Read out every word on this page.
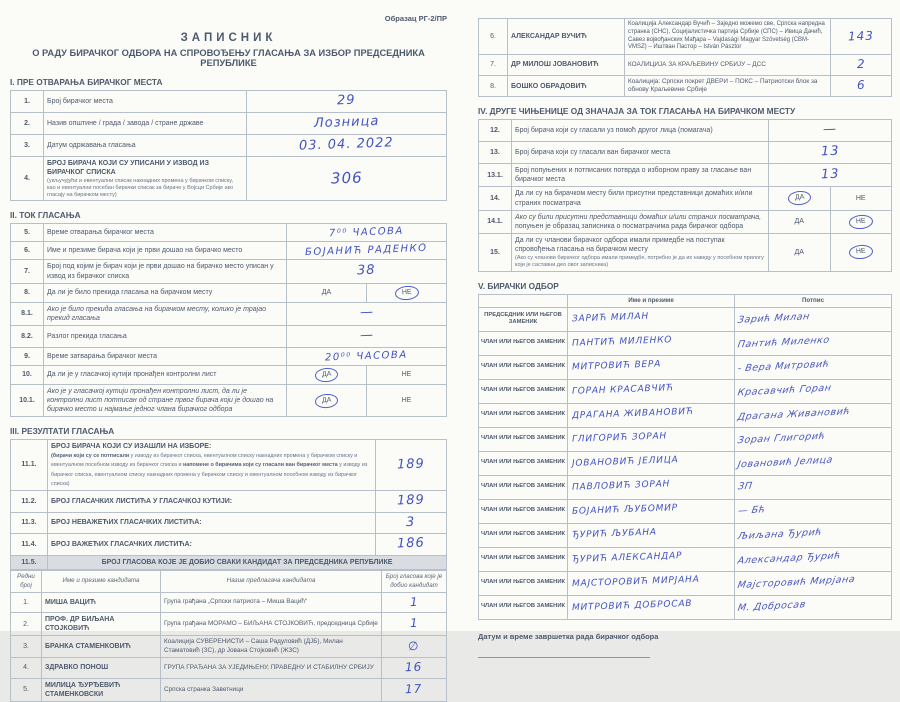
Образац РГ-2/ПР
ЗАПИСНИК
О РАДУ БИРАЧКОГ ОДБОРА НА СПРОВОЂЕЊУ ГЛАСАЊА ЗА ИЗБОР ПРЕДСЕДНИКА РЕПУБЛИКЕ
I. ПРЕ ОТВАРАЊА БИРАЧКОГ МЕСТА
1.	Број бирачког места	29
2.	Назив општине / града / завода / стране државе	Лозница
3.	Датум одржавања гласања	03. 04. 2022
4.	БРОЈ БИРАЧА КОЈИ СУ УПИСАНИ У ИЗВОД ИЗ БИРАЧКОГ СПИСКА
(укључујући и евентуални списак накнадних промена у бирачком списку, као и евентуални посебан бирачки списак за бираче у Војсци Србије ако гласају на бирачком месту)	306
II. ТОК ГЛАСАЊА
5.	Време отварања бирачког места	7⁰⁰ ЧАСОВА	
6.	Име и презиме бирача који је први дошао на бирачко место	БОЈАНИЋ РАДЕНКО	
7.	Број под којим је бирач који је први дошао на бирачко место уписан у извод из бирачког списка	38	
8.	Да ли је било прекида гласања на бирачком месту	ДА	НЕ
8.1.	Ако је било прекида гласања на бирачком месту, колико је трајао прекид гласања	—	
8.2.	Разлог прекида гласања	—	
9.	Време затварања бирачког места	20⁰⁰ ЧАСОВА	
10.	Да ли је у гласачкој кутији пронађен контролни лист	ДА	НЕ
10.1.	Ако је у гласачкој кутији пронађен контролни лист, да ли је контролни лист потписан од стране првог бирача који је дошао на бирачко место и најмање једног члана бирачког одбора	ДА	НЕ
III. РЕЗУЛТАТИ ГЛАСАЊА
11.1.	БРОЈ БИРАЧА КОЈИ СУ ИЗАШЛИ НА ИЗБОРЕ:
(бирачи који су се потписали у изводу из бирачког списка, евентуалном списку накнадних промена у бирачком списку и евентуалном посебном изводу из бирачког списка и напомене о бирачима који су гласали ван бирачког места у изводу из бирачког списка, евентуалном списку накнадних промена у бирачком списку и евентуалном посебном изводу из бирачког списка)	189
11.2.	БРОЈ ГЛАСАЧКИХ ЛИСТИЋА У ГЛАСАЧКОЈ КУТИЈИ:	189
11.3.	БРОЈ НЕВАЖЕЋИХ ГЛАСАЧКИХ ЛИСТИЋА:	3
11.4.	БРОЈ ВАЖЕЋИХ ГЛАСАЧКИХ ЛИСТИЋА:	186
11.5.	БРОЈ ГЛАСОВА КОЈЕ ЈЕ ДОБИО СВАКИ КАНДИДАТ ЗА ПРЕДСЕДНИКА РЕПУБЛИКЕ	
Редни број	Име и презиме кандидата	Назив предлагача кандидата	Број гласова које је добио кандидат
1.	МИША ВАЦИЋ	Група грађана „Српски патриота – Миша Вацић“	1
2.	ПРОФ. ДР БИЉАНА СТОЈКОВИЋ	Група грађана МОРАМО – БИЉАНА СТОЈКОВИЋ, председница Србије	1
3.	БРАНКА СТАМЕНКОВИЋ	Коалиција СУВЕРЕНИСТИ – Саша Радуловић (ДЈБ), Милан Стаматовић (ЗС), др Јована Стојковић (ЖЗС)	∅
4.	ЗДРАВКО ПОНОШ	ГРУПА ГРАЂАНА ЗА УЈЕДИЊЕНУ, ПРАВЕДНУ И СТАБИЛНУ СРБИЈУ	16
5.	МИЛИЦА ЂУРЂЕВИЋ СТАМЕНКОВСКИ	Српска странка Заветници	17
6.	АЛЕКСАНДАР ВУЧИЋ	Коалиција Александар Вучић – Заједно можемо све, Српска напредна странка (СНС), Социјалистичка партија Србије (СПС) – Ивица Дачић, Савез војвођанских Мађара – Vajdasági Magyar Szövetség (СВМ-VMSZ) – Иштван Пастор – István Pásztor	143
7.	ДР МИЛОШ ЈОВАНОВИЋ	КОАЛИЦИЈА ЗА КРАЉЕВИНУ СРБИЈУ – ДСС	2
8.	БОШКО ОБРАДОВИЋ	Коалиција: Српски покрет ДВЕРИ – ПОКС – Патриотски блок за обнову Краљевине Србије	6
IV. ДРУГЕ ЧИЊЕНИЦЕ ОД ЗНАЧАЈА ЗА ТОК ГЛАСАЊА НА БИРАЧКОМ МЕСТУ
12.	Број бирача који су гласали уз помоћ другог лица (помагача)	—	
13.	Број бирача који су гласали ван бирачког места	13	
13.1.	Број попуњених и потписаних потврда о изборном праву за гласање ван бирачког места	13	
14.	Да ли су на бирачком месту били присутни представници домаћих и/или страних посматрача	ДА	НЕ
14.1.	Ако су били присутни представници домаћих и/или страних посматрача, попуњен је образац записника о посматрачима рада бирачког одбора	ДА	НЕ
15.	Да ли су чланови бирачког одбора имали примедбе на поступак спровођења гласања на бирачком месту
(Ако су чланови бирачког одбора имали примедбе, потребно је да их наведу у посебном прилогу који је саставни део овог записника)	ДА	НЕ
V. БИРАЧКИ ОДБОР
	Име и презиме	Потпис
ПРЕДСЕДНИК ИЛИ ЊЕГОВ ЗАМЕНИК	ЗАРИЋ МИЛАН	Зарић Милан
ЧЛАН ИЛИ ЊЕГОВ ЗАМЕНИК	ПАНТИЋ МИЛЕНКО	Пантић Миленко
ЧЛАН ИЛИ ЊЕГОВ ЗАМЕНИК	МИТРОВИЋ ВЕРА	- Вера Митровић
ЧЛАН ИЛИ ЊЕГОВ ЗАМЕНИК	ГОРАН КРАСАВЧИЋ	Красавчић Горан
ЧЛАН ИЛИ ЊЕГОВ ЗАМЕНИК	ДРАГАНА ЖИВАНОВИЋ	Драгана Живановић
ЧЛАН ИЛИ ЊЕГОВ ЗАМЕНИК	ГЛИГОРИЋ ЗОРАН	Зоран Глигорић
ЧЛАН ИЛИ ЊЕГОВ ЗАМЕНИК	ЈОВАНОВИЋ ЈЕЛИЦА	Јовановић Јелица
ЧЛАН ИЛИ ЊЕГОВ ЗАМЕНИК	ПАВЛОВИЋ ЗОРАН	ЗП
ЧЛАН ИЛИ ЊЕГОВ ЗАМЕНИК	БОЈАНИЋ ЉУБОМИР	— Бћ
ЧЛАН ИЛИ ЊЕГОВ ЗАМЕНИК	ЂУРИЋ ЉУБАНА	Љиљана Ђурић
ЧЛАН ИЛИ ЊЕГОВ ЗАМЕНИК	ЂУРИЋ АЛЕКСАНДАР	Александар Ђурић
ЧЛАН ИЛИ ЊЕГОВ ЗАМЕНИК	МАЈСТОРОВИЋ МИРЈАНА	Мајсторовић Мирјана
ЧЛАН ИЛИ ЊЕГОВ ЗАМЕНИК	МИТРОВИЋ ДОБРОСАВ	М. Добросав
Датум и време завршетка рада бирачког одбора
